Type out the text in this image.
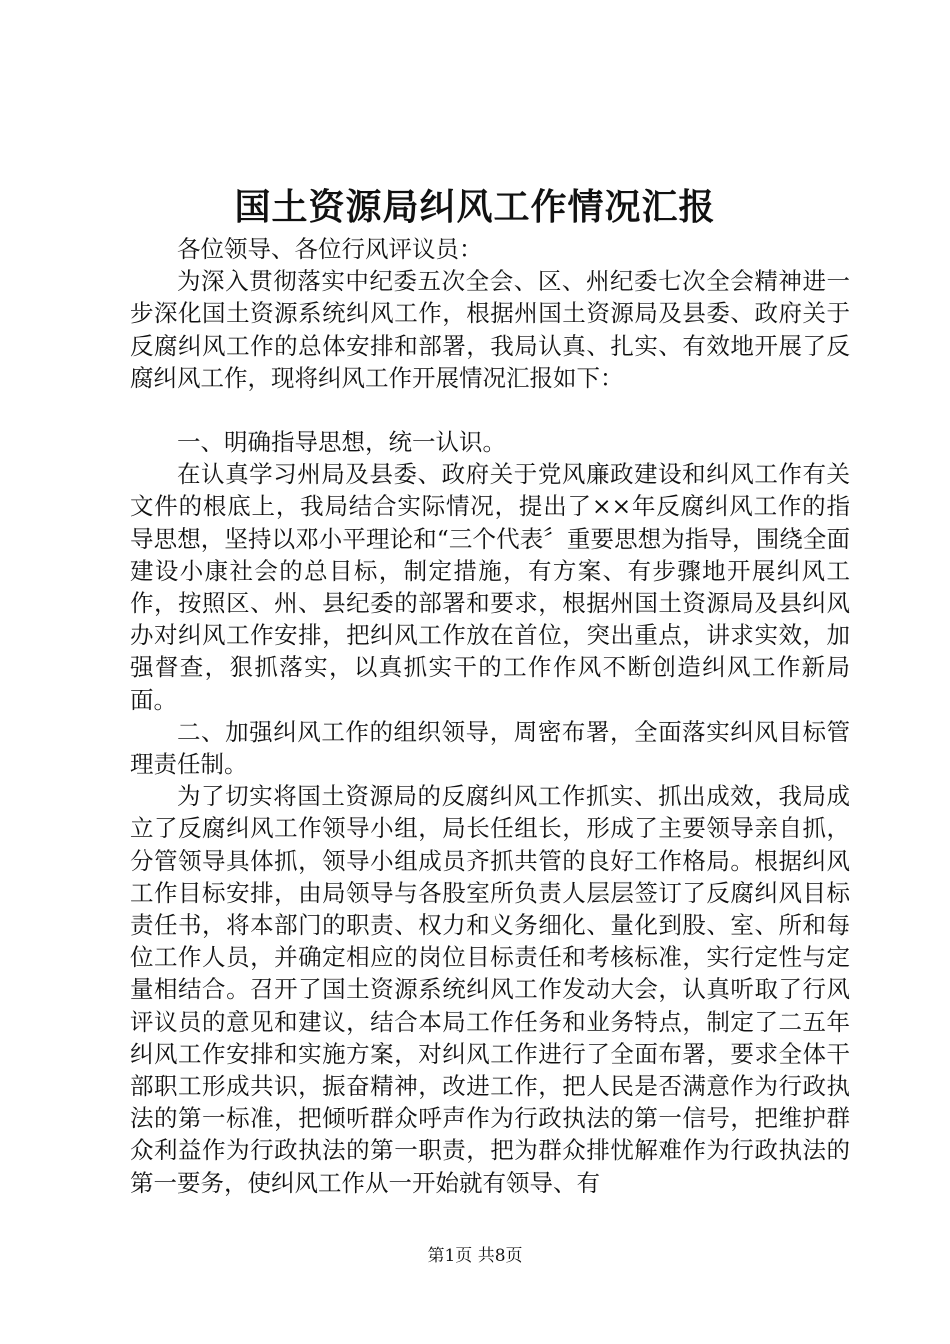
国土资源局纠风工作情况汇报

各位领导、各位行风评议员：

为深入贯彻落实中纪委五次全会、区、州纪委七次全会精神进一步深化国土资源系统纠风工作，根据州国土资源局及县委、政府关于反腐纠风工作的总体安排和部署，我局认真、扎实、有效地开展了反腐纠风工作，现将纠风工作开展情况汇报如下：

一、明确指导思想，统一认识。

在认真学习州局及县委、政府关于党风廉政建设和纠风工作有关文件的根底上，我局结合实际情况，提出了××年反腐纠风工作的指导思想，坚持以邓小平理论和“三个代表〞重要思想为指导，围绕全面建设小康社会的总目标，制定措施，有方案、有步骤地开展纠风工作，按照区、州、县纪委的部署和要求，根据州国土资源局及县纠风办对纠风工作安排，把纠风工作放在首位，突出重点，讲求实效，加强督查，狠抓落实，以真抓实干的工作作风不断创造纠风工作新局面。

二、加强纠风工作的组织领导，周密布署，全面落实纠风目标管理责任制。

为了切实将国土资源局的反腐纠风工作抓实、抓出成效，我局成立了反腐纠风工作领导小组，局长任组长，形成了主要领导亲自抓，分管领导具体抓，领导小组成员齐抓共管的良好工作格局。根据纠风工作目标安排，由局领导与各股室所负责人层层签订了反腐纠风目标责任书，将本部门的职责、权力和义务细化、量化到股、室、所和每位工作人员，并确定相应的岗位目标责任和考核标准，实行定性与定量相结合。召开了国土资源系统纠风工作发动大会，认真听取了行风评议员的意见和建议，结合本局工作任务和业务特点，制定了二五年纠风工作安排和实施方案，对纠风工作进行了全面布署，要求全体干部职工形成共识，振奋精神，改进工作，把人民是否满意作为行政执法的第一标准，把倾听群众呼声作为行政执法的第一信号，把维护群众利益作为行政执法的第一职责，把为群众排忧解难作为行政执法的第一要务，使纠风工作从一开始就有领导、有

第1页 共8页
